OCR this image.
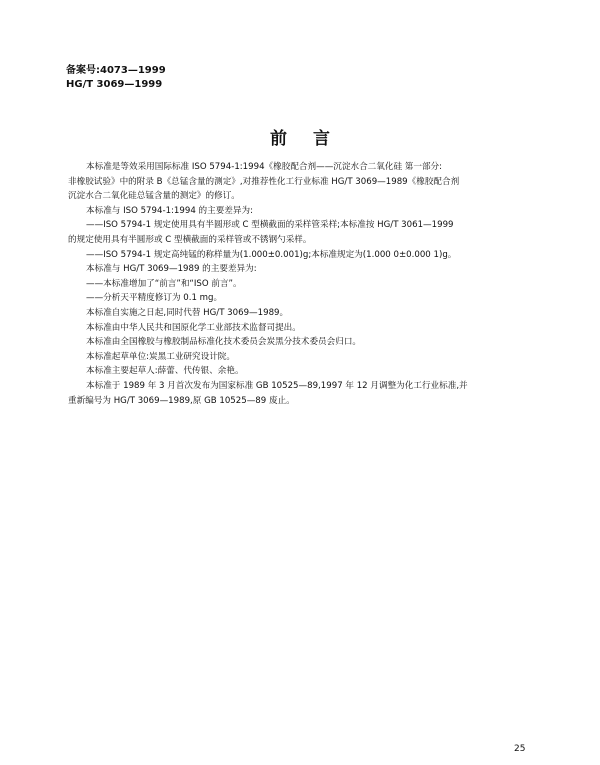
备案号:4073—1999
HG/T 3069—1999
前言

本标准是等效采用国际标准 ISO 5794-1:1994《橡胶配合剂——沉淀水合二氧化硅 第一部分:

非橡胶试验》中的附录 B《总锰含量的测定》,对推荐性化工行业标准 HG/T 3069—1989《橡胶配合剂

沉淀水合二氧化硅总锰含量的测定》的修订。

本标准与 ISO 5794-1:1994 的主要差异为:

——ISO 5794-1 规定使用具有半圆形或 C 型横截面的采样管采样;本标准按 HG/T 3061—1999

的规定使用具有半圆形或 C 型横截面的采样管或不锈钢勺采样。

——ISO 5794-1 规定高纯锰的称样量为(1.000±0.001)g;本标准规定为(1.000 0±0.000 1)g。

本标准与 HG/T 3069—1989 的主要差异为:

——本标准增加了“前言”和“ISO 前言”。

——分析天平精度修订为 0.1 mg。

本标准自实施之日起,同时代替 HG/T 3069—1989。

本标准由中华人民共和国原化学工业部技术监督司提出。

本标准由全国橡胶与橡胶制品标准化技术委员会炭黑分技术委员会归口。

本标准起草单位:炭黑工业研究设计院。

本标准主要起草人:薛蕾、代传银、余艳。

本标准于 1989 年 3 月首次发布为国家标准 GB 10525—89,1997 年 12 月调整为化工行业标准,并

重新编号为 HG/T 3069—1989,原 GB 10525—89 废止。

25
